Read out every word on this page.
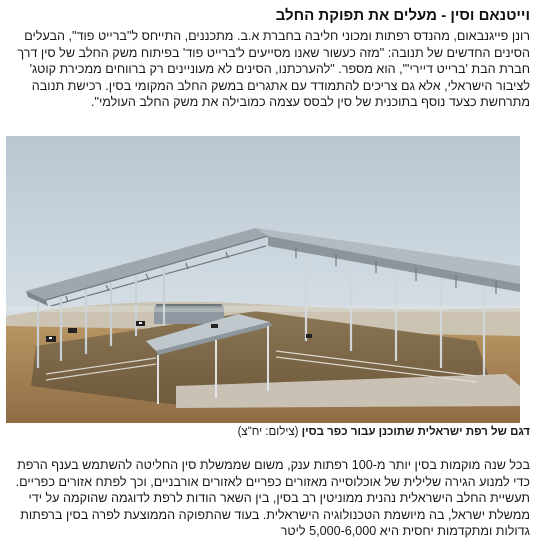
וייטנאם וסין - מעלים את תפוקת החלב
רונן פייגנבאום, מהנדס רפתות ומכוני חליבה בחברת א.ב. מתכננים, התייחס ל"ברייט פוד", הבעלים הסינים החדשים של תנובה: "מזה כעשור שאנו מסייעים ל'ברייט פוד' בפיתוח משק החלב של סין דרך חברת הבת 'ברייט דיירי'", הוא מספר. "להערכתנו, הסינים לא מעוניינים רק ברווחים ממכירת קוטג' לציבור הישראלי, אלא גם צריכים להתמודד עם אתגרים במשק החלב המקומי בסין. רכישת תנובה מתרחשת כצעד נוסף בתוכנית של סין לבסס עצמה כמובילה את משק החלב העולמי".
דגם של רפת ישראלית שתוכנן עבור כפר בסין (צילום: יח"צ)
בכל שנה מוקמות בסין יותר מ-100 רפתות ענק, משום שממשלת סין החליטה להשתמש בענף הרפת כדי למנוע הגירה שלילית של אוכלוסייה מאזורים כפריים לאזורים אורבניים, וכך לפתח אזורים כפריים. תעשיית החלב הישראלית נהנית ממוניטין רב בסין, בין השאר הודות לרפת לדוגמה שהוקמה על ידי ממשלת ישראל, בה מיושמת הטכנולוגיה הישראלית. בעוד שהתפוקה הממוצעת לפרה בסין ברפתות גדולות ומתקדמות יחסית היא 5,000-6,000 ליטר
